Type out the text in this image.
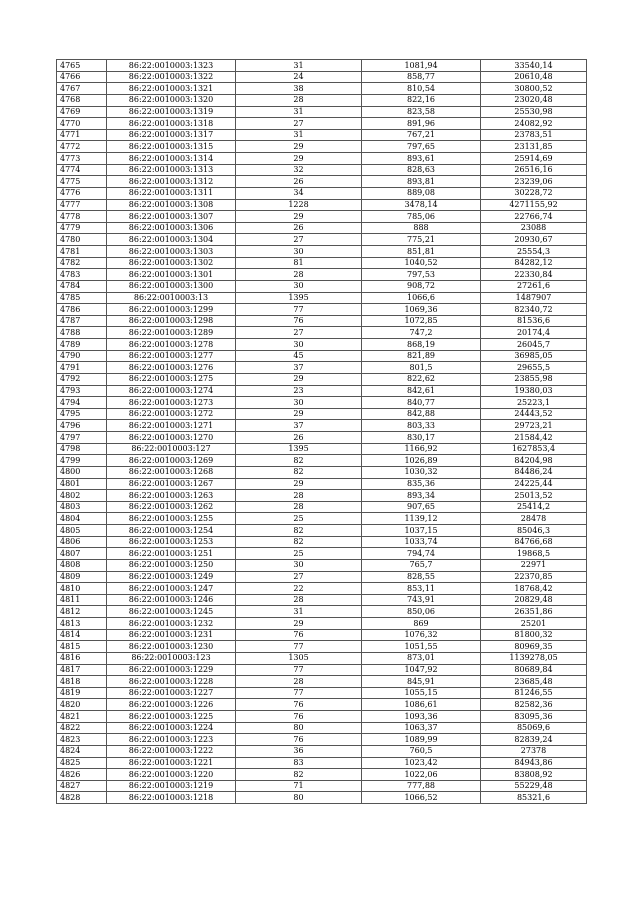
4765	86:22:0010003:1323	31	1081,94	33540,14
4766	86:22:0010003:1322	24	858,77	20610,48
4767	86:22:0010003:1321	38	810,54	30800,52
4768	86:22:0010003:1320	28	822,16	23020,48
4769	86:22:0010003:1319	31	823,58	25530,98
4770	86:22:0010003:1318	27	891,96	24082,92
4771	86:22:0010003:1317	31	767,21	23783,51
4772	86:22:0010003:1315	29	797,65	23131,85
4773	86:22:0010003:1314	29	893,61	25914,69
4774	86:22:0010003:1313	32	828,63	26516,16
4775	86:22:0010003:1312	26	893,81	23239,06
4776	86:22:0010003:1311	34	889,08	30228,72
4777	86:22:0010003:1308	1228	3478,14	4271155,92
4778	86:22:0010003:1307	29	785,06	22766,74
4779	86:22:0010003:1306	26	888	23088
4780	86:22:0010003:1304	27	775,21	20930,67
4781	86:22:0010003:1303	30	851,81	25554,3
4782	86:22:0010003:1302	81	1040,52	84282,12
4783	86:22:0010003:1301	28	797,53	22330,84
4784	86:22:0010003:1300	30	908,72	27261,6
4785	86:22:0010003:13	1395	1066,6	1487907
4786	86:22:0010003:1299	77	1069,36	82340,72
4787	86:22:0010003:1298	76	1072,85	81536,6
4788	86:22:0010003:1289	27	747,2	20174,4
4789	86:22:0010003:1278	30	868,19	26045,7
4790	86:22:0010003:1277	45	821,89	36985,05
4791	86:22:0010003:1276	37	801,5	29655,5
4792	86:22:0010003:1275	29	822,62	23855,98
4793	86:22:0010003:1274	23	842,61	19380,03
4794	86:22:0010003:1273	30	840,77	25223,1
4795	86:22:0010003:1272	29	842,88	24443,52
4796	86:22:0010003:1271	37	803,33	29723,21
4797	86:22:0010003:1270	26	830,17	21584,42
4798	86:22:0010003:127	1395	1166,92	1627853,4
4799	86:22:0010003:1269	82	1026,89	84204,98
4800	86:22:0010003:1268	82	1030,32	84486,24
4801	86:22:0010003:1267	29	835,36	24225,44
4802	86:22:0010003:1263	28	893,34	25013,52
4803	86:22:0010003:1262	28	907,65	25414,2
4804	86:22:0010003:1255	25	1139,12	28478
4805	86:22:0010003:1254	82	1037,15	85046,3
4806	86:22:0010003:1253	82	1033,74	84766,68
4807	86:22:0010003:1251	25	794,74	19868,5
4808	86:22:0010003:1250	30	765,7	22971
4809	86:22:0010003:1249	27	828,55	22370,85
4810	86:22:0010003:1247	22	853,11	18768,42
4811	86:22:0010003:1246	28	743,91	20829,48
4812	86:22:0010003:1245	31	850,06	26351,86
4813	86:22:0010003:1232	29	869	25201
4814	86:22:0010003:1231	76	1076,32	81800,32
4815	86:22:0010003:1230	77	1051,55	80969,35
4816	86:22:0010003:123	1305	873,01	1139278,05
4817	86:22:0010003:1229	77	1047,92	80689,84
4818	86:22:0010003:1228	28	845,91	23685,48
4819	86:22:0010003:1227	77	1055,15	81246,55
4820	86:22:0010003:1226	76	1086,61	82582,36
4821	86:22:0010003:1225	76	1093,36	83095,36
4822	86:22:0010003:1224	80	1063,37	85069,6
4823	86:22:0010003:1223	76	1089,99	82839,24
4824	86:22:0010003:1222	36	760,5	27378
4825	86:22:0010003:1221	83	1023,42	84943,86
4826	86:22:0010003:1220	82	1022,06	83808,92
4827	86:22:0010003:1219	71	777,88	55229,48
4828	86:22:0010003:1218	80	1066,52	85321,6
